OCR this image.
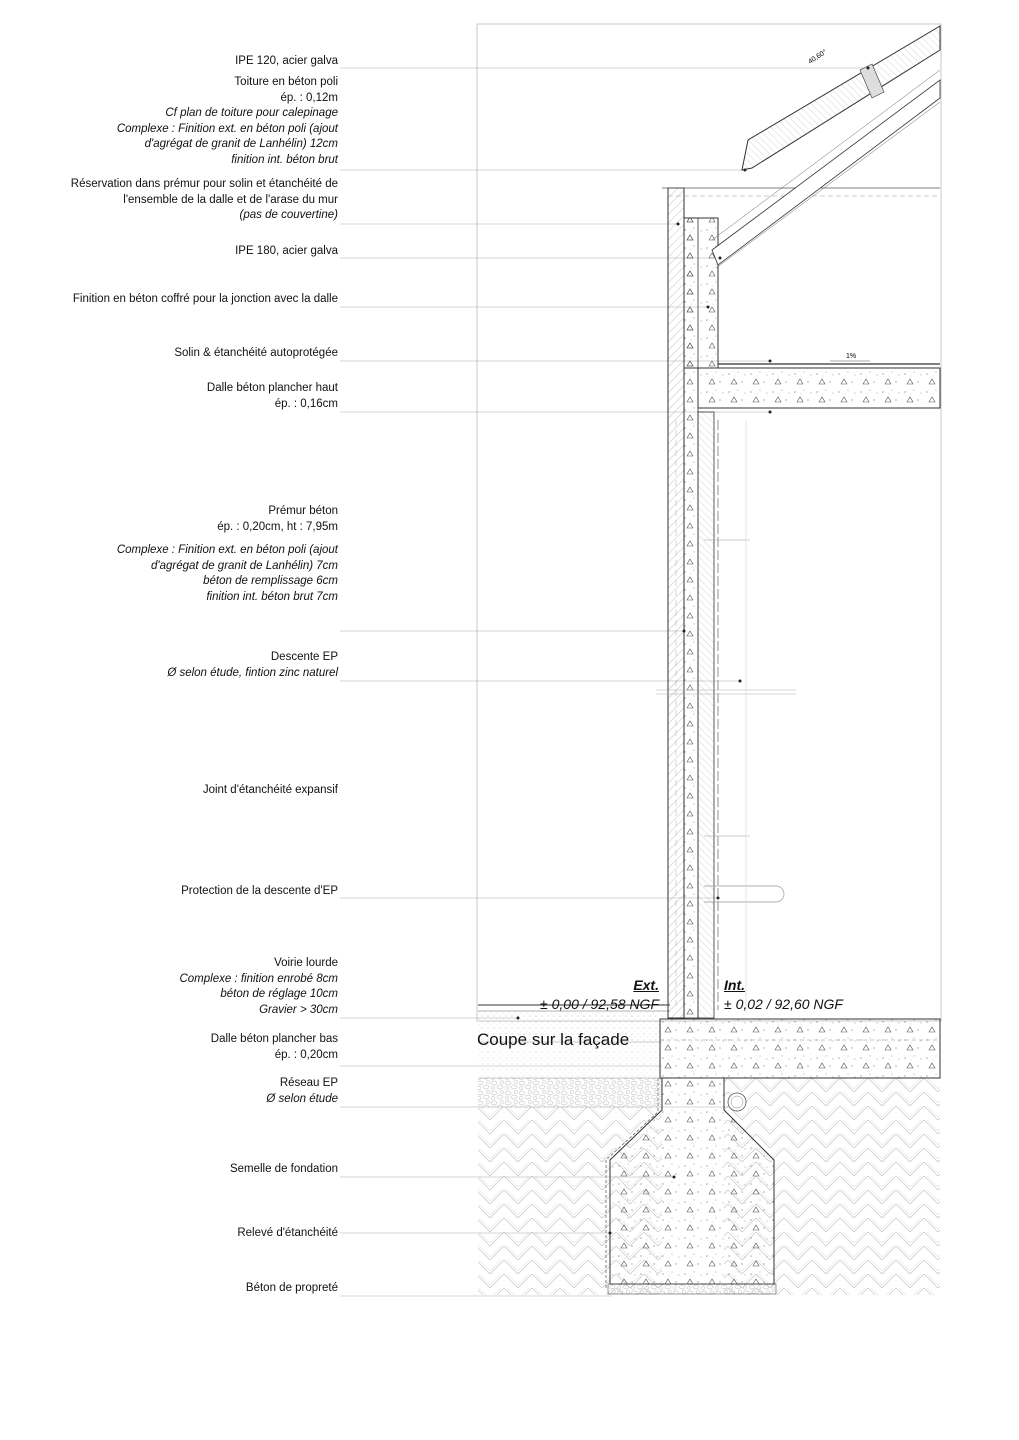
40,60°
1%
Ext.
± 0,00 / 92,58 NGF
Int.
± 0,02 / 92,60 NGF
IPE 120, acier galva
Toiture en béton poli
ép. : 0,12m
Cf plan de toiture pour calepinage
Complexe : Finition ext. en béton poli (ajout
d'agrégat de granit de Lanhélin) 12cm
finition int. béton brut
Réservation dans prémur pour solin et étanchéité de
l'ensemble de la dalle et de l'arase du mur
(pas de couvertine)
IPE 180, acier galva
Finition en béton coffré pour la jonction avec la dalle
Solin & étanchéité autoprotégée
Dalle béton plancher haut
ép. : 0,16cm
Prémur béton
ép. : 0,20cm, ht : 7,95m
Complexe : Finition ext. en béton poli (ajout
d'agrégat de granit de Lanhélin) 7cm
béton de remplissage 6cm
finition int. béton brut 7cm
Descente EP
Ø selon étude, fintion zinc naturel
Joint d'étanchéité expansif
Protection de la descente d'EP
Voirie lourde
Complexe : finition enrobé 8cm
béton de réglage 10cm
Gravier > 30cm
Dalle béton plancher bas
ép. : 0,20cm
Réseau EP
Ø selon étude
Semelle de fondation
Relevé d'étanchéité
Béton de propreté
Coupe sur la façade
